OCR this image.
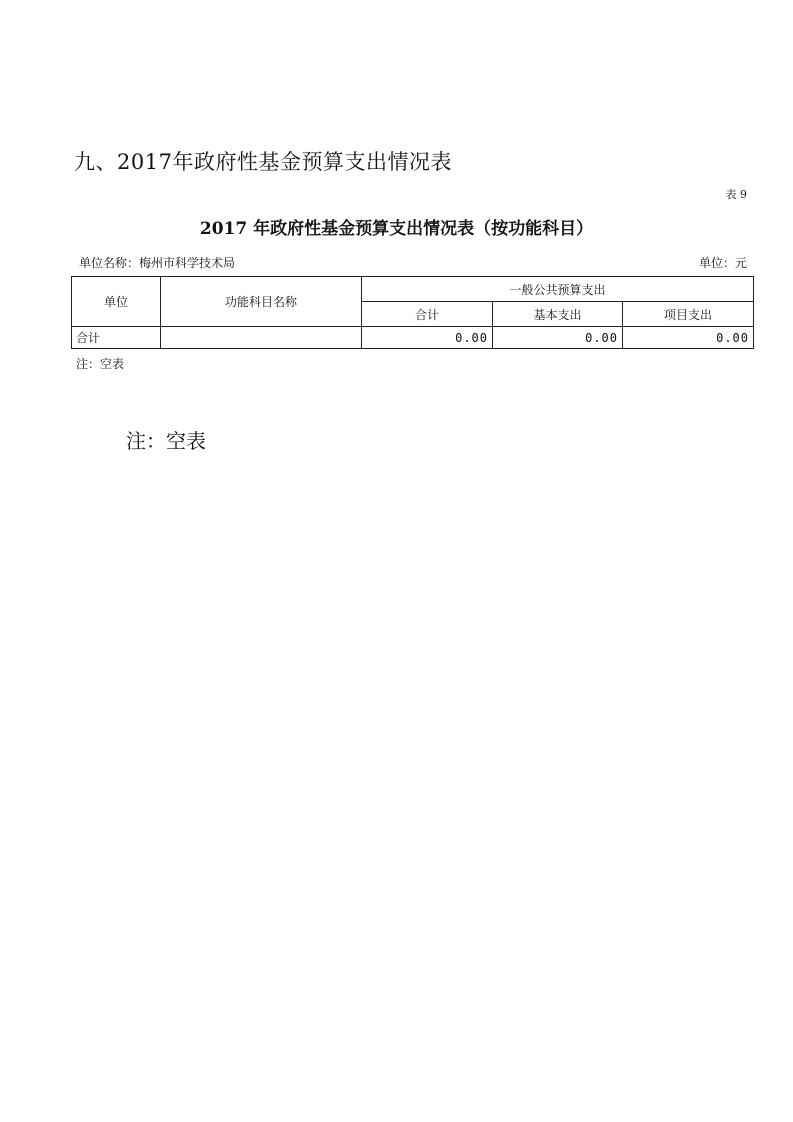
九、2017年政府性基金预算支出情况表
表 9
2017 年政府性基金预算支出情况表（按功能科目）
单位名称：梅州市科学技术局	单位：元
单位	功能科目名称	一般公共预算支出		
		合计	基本支出	项目支出
合计		0.00	0.00	0.00
注：空表
注：空表
